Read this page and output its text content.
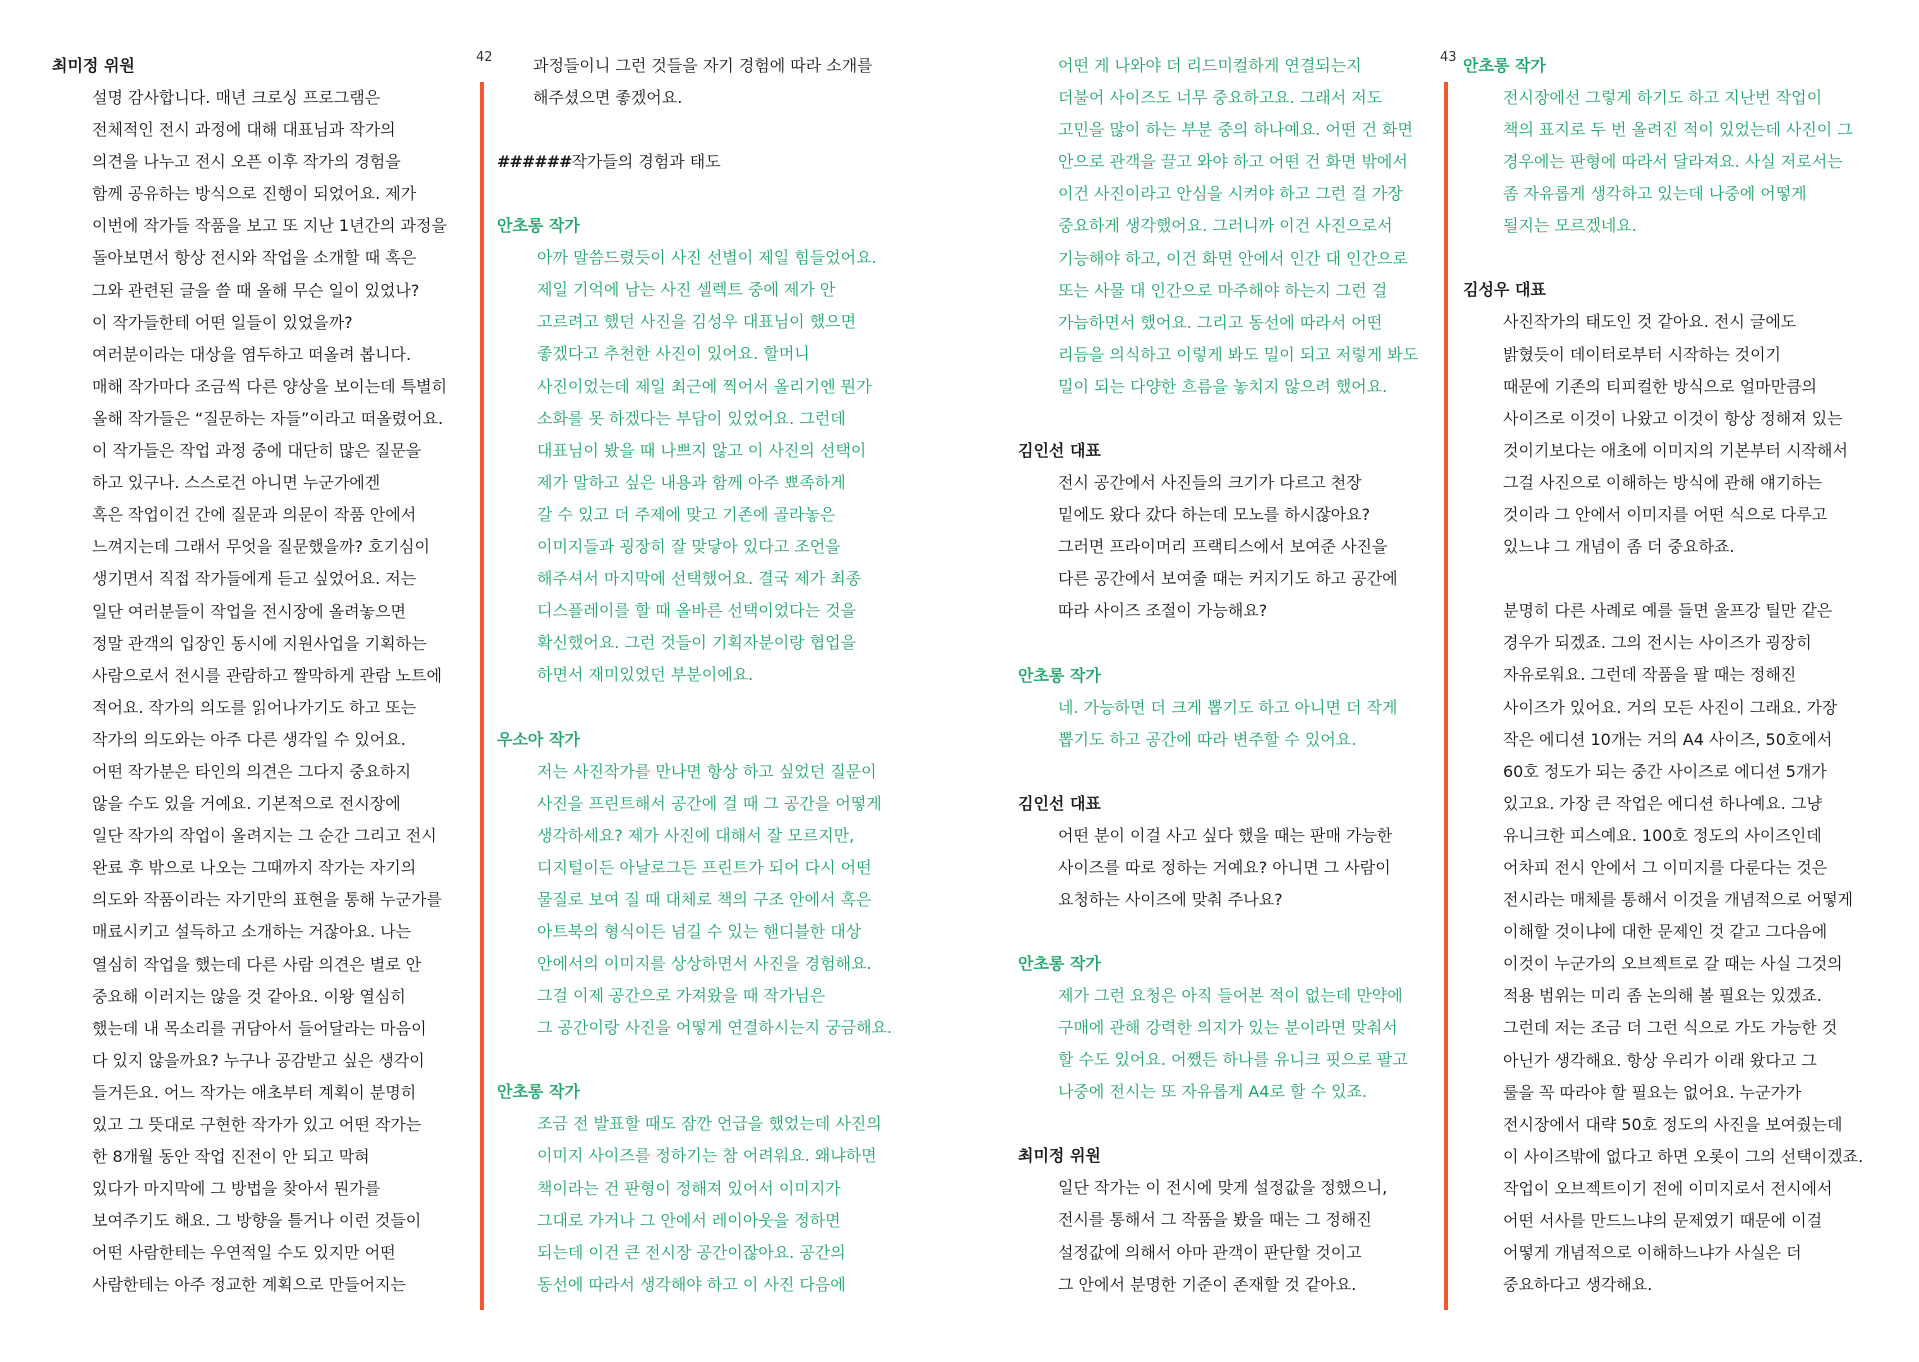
42	43

최미정 위원

설명 감사합니다. 매년 크로싱 프로그램은
전체적인 전시 과정에 대해 대표님과 작가의
의견을 나누고 전시 오픈 이후 작가의 경험을
함께 공유하는 방식으로 진행이 되었어요. 제가
이번에 작가들 작품을 보고 또 지난 1년간의 과정을
돌아보면서 항상 전시와 작업을 소개할 때 혹은
그와 관련된 글을 쓸 때 올해 무슨 일이 있었나?
이 작가들한테 어떤 일들이 있었을까?
여러분이라는 대상을 염두하고 떠올려 봅니다.
매해 작가마다 조금씩 다른 양상을 보이는데 특별히
올해 작가들은 “질문하는 자들”이라고 떠올렸어요.
이 작가들은 작업 과정 중에 대단히 많은 질문을
하고 있구나. 스스로건 아니면 누군가에겐
혹은 작업이건 간에 질문과 의문이 작품 안에서
느껴지는데 그래서 무엇을 질문했을까? 호기심이
생기면서 직접 작가들에게 듣고 싶었어요. 저는
일단 여러분들이 작업을 전시장에 올려놓으면
정말 관객의 입장인 동시에 지원사업을 기획하는
사람으로서 전시를 관람하고 짤막하게 관람 노트에
적어요. 작가의 의도를 읽어나가기도 하고 또는
작가의 의도와는 아주 다른 생각일 수 있어요.
어떤 작가분은 타인의 의견은 그다지 중요하지
않을 수도 있을 거예요. 기본적으로 전시장에
일단 작가의 작업이 올려지는 그 순간 그리고 전시
완료 후 밖으로 나오는 그때까지 작가는 자기의
의도와 작품이라는 자기만의 표현을 통해 누군가를
매료시키고 설득하고 소개하는 거잖아요. 나는
열심히 작업을 했는데 다른 사람 의견은 별로 안
중요해 이러지는 않을 것 같아요. 이왕 열심히
했는데 내 목소리를 귀담아서 들어달라는 마음이
다 있지 않을까요? 누구나 공감받고 싶은 생각이
들거든요. 어느 작가는 애초부터 계획이 분명히
있고 그 뜻대로 구현한 작가가 있고 어떤 작가는
한 8개월 동안 작업 진전이 안 되고 막혀
있다가 마지막에 그 방법을 찾아서 뭔가를
보여주기도 해요. 그 방향을 틀거나 이런 것들이
어떤 사람한테는 우연적일 수도 있지만 어떤
사람한테는 아주 정교한 계획으로 만들어지는

과정들이니 그런 것들을 자기 경험에 따라 소개를
해주셨으면 좋겠어요.

######작가들의 경험과 태도

안초롱 작가

아까 말씀드렸듯이 사진 선별이 제일 힘들었어요.
제일 기억에 남는 사진 셀렉트 중에 제가 안
고르려고 했던 사진을 김성우 대표님이 했으면
좋겠다고 추천한 사진이 있어요. 할머니
사진이었는데 제일 최근에 찍어서 올리기엔 뭔가
소화를 못 하겠다는 부담이 있었어요. 그런데
대표님이 봤을 때 나쁘지 않고 이 사진의 선택이
제가 말하고 싶은 내용과 함께 아주 뾰족하게
갈 수 있고 더 주제에 맞고 기존에 골라놓은
이미지들과 굉장히 잘 맞닿아 있다고 조언을
해주셔서 마지막에 선택했어요. 결국 제가 최종
디스플레이를 할 때 올바른 선택이었다는 것을
확신했어요. 그런 것들이 기획자분이랑 협업을
하면서 재미있었던 부분이에요.

우소아 작가

저는 사진작가를 만나면 항상 하고 싶었던 질문이
사진을 프린트해서 공간에 걸 때 그 공간을 어떻게
생각하세요? 제가 사진에 대해서 잘 모르지만,
디지털이든 아날로그든 프린트가 되어 다시 어떤
물질로 보여 질 때 대체로 책의 구조 안에서 혹은
아트북의 형식이든 넘길 수 있는 핸디블한 대상
안에서의 이미지를 상상하면서 사진을 경험해요.
그걸 이제 공간으로 가져왔을 때 작가님은
그 공간이랑 사진을 어떻게 연결하시는지 궁금해요.

안초롱 작가

조금 전 발표할 때도 잠깐 언급을 했었는데 사진의
이미지 사이즈를 정하기는 참 어려워요. 왜냐하면
책이라는 건 판형이 정해져 있어서 이미지가
그대로 가거나 그 안에서 레이아웃을 정하면
되는데 이건 큰 전시장 공간이잖아요. 공간의
동선에 따라서 생각해야 하고 이 사진 다음에

어떤 게 나와야 더 리드미컬하게 연결되는지
더불어 사이즈도 너무 중요하고요. 그래서 저도
고민을 많이 하는 부분 중의 하나예요. 어떤 건 화면
안으로 관객을 끌고 와야 하고 어떤 건 화면 밖에서
이건 사진이라고 안심을 시켜야 하고 그런 걸 가장
중요하게 생각했어요. 그러니까 이건 사진으로서
기능해야 하고, 이건 화면 안에서 인간 대 인간으로
또는 사물 대 인간으로 마주해야 하는지 그런 걸
가늠하면서 했어요. 그리고 동선에 따라서 어떤
리듬을 의식하고 이렇게 봐도 밀이 되고 저렇게 봐도
밀이 되는 다양한 흐름을 놓치지 않으려 했어요.

김인선 대표

전시 공간에서 사진들의 크기가 다르고 천장
밑에도 왔다 갔다 하는데 모노를 하시잖아요?
그러면 프라이머리 프랙티스에서 보여준 사진을
다른 공간에서 보여줄 때는 커지기도 하고 공간에
따라 사이즈 조절이 가능해요?

안초롱 작가

네. 가능하면 더 크게 뽑기도 하고 아니면 더 작게
뽑기도 하고 공간에 따라 변주할 수 있어요.

김인선 대표

어떤 분이 이걸 사고 싶다 했을 때는 판매 가능한
사이즈를 따로 정하는 거예요? 아니면 그 사람이
요청하는 사이즈에 맞춰 주나요?

안초롱 작가

제가 그런 요청은 아직 들어본 적이 없는데 만약에
구매에 관해 강력한 의지가 있는 분이라면 맞춰서
할 수도 있어요. 어쨌든 하나를 유니크 핏으로 팔고
나중에 전시는 또 자유롭게 A4로 할 수 있죠.

최미정 위원

일단 작가는 이 전시에 맞게 설정값을 정했으니,
전시를 통해서 그 작품을 봤을 때는 그 정해진
설정값에 의해서 아마 관객이 판단할 것이고
그 안에서 분명한 기준이 존재할 것 같아요.

안초롱 작가

전시장에선 그렇게 하기도 하고 지난번 작업이
책의 표지로 두 번 올려진 적이 있었는데 사진이 그
경우에는 판형에 따라서 달라져요. 사실 저로서는
좀 자유롭게 생각하고 있는데 나중에 어떻게
될지는 모르겠네요.

김성우 대표

사진작가의 태도인 것 같아요. 전시 글에도
밝혔듯이 데이터로부터 시작하는 것이기
때문에 기존의 티피컬한 방식으로 얼마만큼의
사이즈로 이것이 나왔고 이것이 항상 정해져 있는
것이기보다는 애초에 이미지의 기본부터 시작해서
그걸 사진으로 이해하는 방식에 관해 얘기하는
것이라 그 안에서 이미지를 어떤 식으로 다루고
있느냐 그 개념이 좀 더 중요하죠.

분명히 다른 사례로 예를 들면 울프강 틸만 같은
경우가 되겠죠. 그의 전시는 사이즈가 굉장히
자유로워요. 그런데 작품을 팔 때는 정해진
사이즈가 있어요. 거의 모든 사진이 그래요. 가장
작은 에디션 10개는 거의 A4 사이즈, 50호에서
60호 정도가 되는 중간 사이즈로 에디션 5개가
있고요. 가장 큰 작업은 에디션 하나예요. 그냥
유니크한 피스예요. 100호 정도의 사이즈인데
어차피 전시 안에서 그 이미지를 다룬다는 것은
전시라는 매체를 통해서 이것을 개념적으로 어떻게
이해할 것이냐에 대한 문제인 것 같고 그다음에
이것이 누군가의 오브젝트로 갈 때는 사실 그것의
적용 범위는 미리 좀 논의해 볼 필요는 있겠죠.
그런데 저는 조금 더 그런 식으로 가도 가능한 것
아닌가 생각해요. 항상 우리가 이래 왔다고 그
룰을 꼭 따라야 할 필요는 없어요. 누군가가
전시장에서 대략 50호 정도의 사진을 보여줬는데
이 사이즈밖에 없다고 하면 오롯이 그의 선택이겠죠.
작업이 오브젝트이기 전에 이미지로서 전시에서
어떤 서사를 만드느냐의 문제였기 때문에 이걸
어떻게 개념적으로 이해하느냐가 사실은 더
중요하다고 생각해요.
